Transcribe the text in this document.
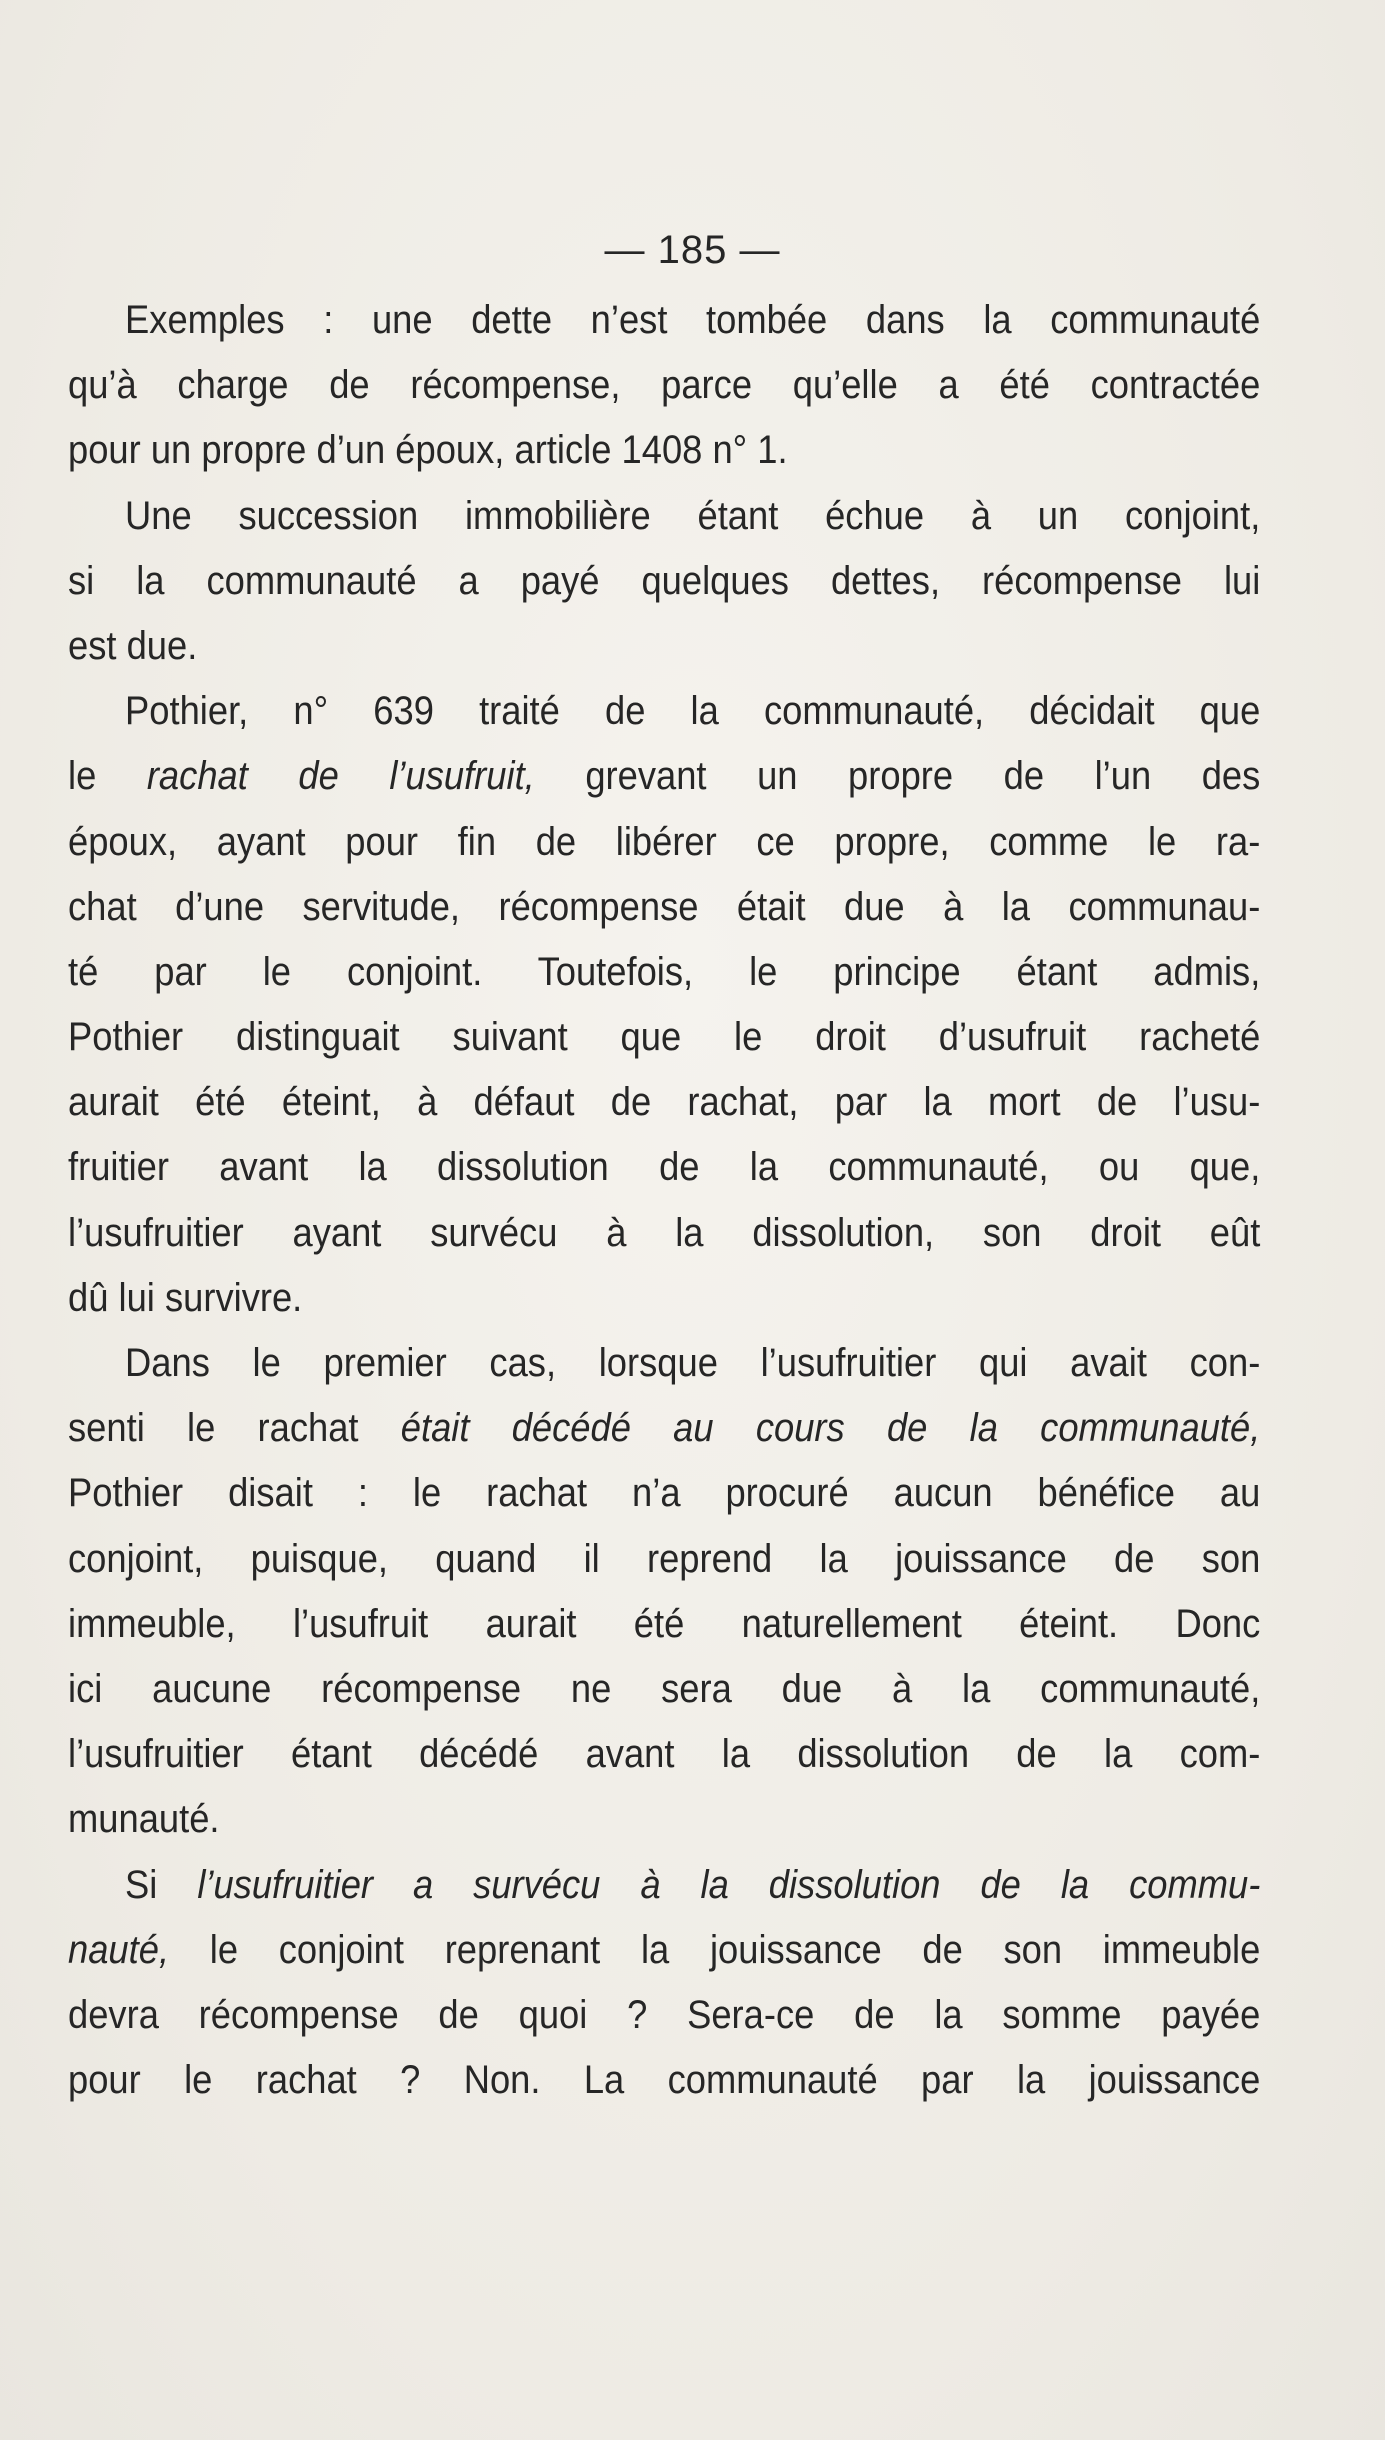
— 185 —
Exemples : une dette n’est tombée dans la communauté
qu’à charge de récompense, parce qu’elle a été contractée
pour un propre d’un époux, article 1408 n° 1.
Une succession immobilière étant échue à un conjoint,
si la communauté a payé quelques dettes, récompense lui
est due.
Pothier, n° 639 traité de la communauté, décidait que
le rachat de l’usufruit, grevant un propre de l’un des
époux, ayant pour fin de libérer ce propre, comme le ra-
chat d’une servitude, récompense était due à la communau-
té par le conjoint. Toutefois, le principe étant admis,
Pothier distinguait suivant que le droit d’usufruit racheté
aurait été éteint, à défaut de rachat, par la mort de l’usu-
fruitier avant la dissolution de la communauté, ou que,
l’usufruitier ayant survécu à la dissolution, son droit eût
dû lui survivre.
Dans le premier cas, lorsque l’usufruitier qui avait con-
senti le rachat était décédé au cours de la communauté,
Pothier disait : le rachat n’a procuré aucun bénéfice au
conjoint, puisque, quand il reprend la jouissance de son
immeuble, l’usufruit aurait été naturellement éteint. Donc
ici aucune récompense ne sera due à la communauté,
l’usufruitier étant décédé avant la dissolution de la com-
munauté.
Si l’usufruitier a survécu à la dissolution de la commu-
nauté, le conjoint reprenant la jouissance de son immeuble
devra récompense de quoi ? Sera-ce de la somme payée
pour le rachat ? Non. La communauté par la jouissance
